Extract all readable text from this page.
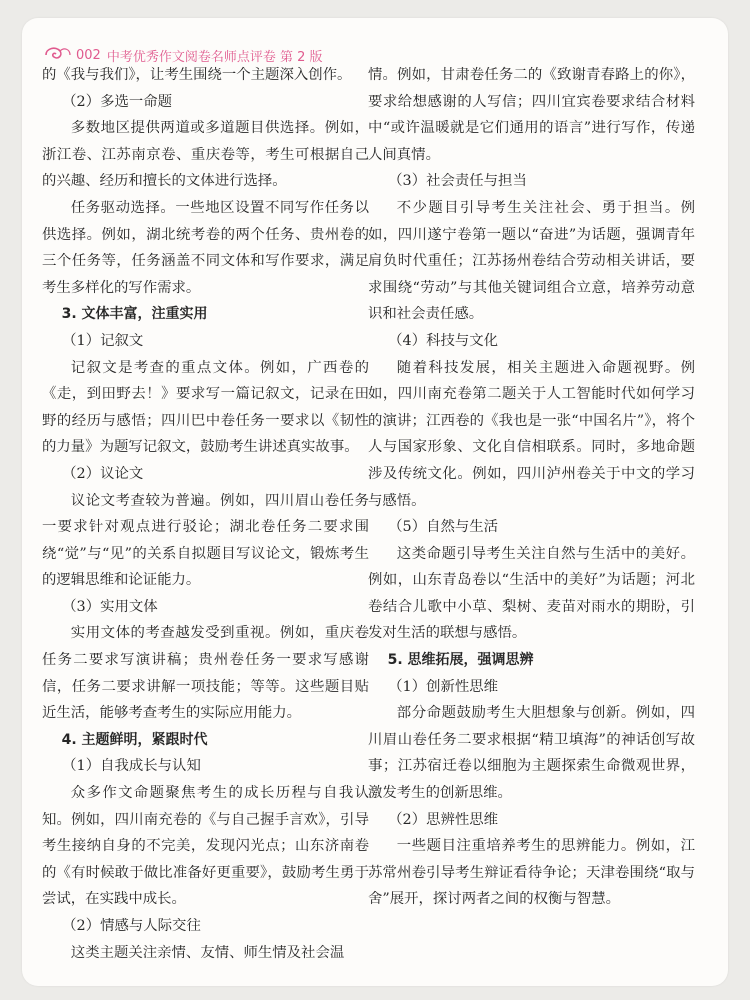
002 中考优秀作文阅卷名师点评卷 第 2 版

的《我与我们》，让考生围绕一个主题深入创作。

（2）多选一命题

多数地区提供两道或多道题目供选择。例如，浙江卷、江苏南京卷、重庆卷等，考生可根据自己的兴趣、经历和擅长的文体进行选择。

任务驱动选择。一些地区设置不同写作任务以供选择。例如，湖北统考卷的两个任务、贵州卷的三个任务等，任务涵盖不同文体和写作要求，满足考生多样化的写作需求。

3. 文体丰富，注重实用

（1）记叙文

记叙文是考查的重点文体。例如，广西卷的《走，到田野去！》要求写一篇记叙文，记录在田野的经历与感悟；四川巴中卷任务一要求以《韧性的力量》为题写记叙文，鼓励考生讲述真实故事。

（2）议论文

议论文考查较为普遍。例如，四川眉山卷任务一要求针对观点进行驳论；湖北卷任务二要求围绕“觉”与“见”的关系自拟题目写议论文，锻炼考生的逻辑思维和论证能力。

（3）实用文体

实用文体的考查越发受到重视。例如，重庆卷任务二要求写演讲稿；贵州卷任务一要求写感谢信，任务二要求讲解一项技能；等等。这些题目贴近生活，能够考查考生的实际应用能力。

4. 主题鲜明，紧跟时代

（1）自我成长与认知

众多作文命题聚焦考生的成长历程与自我认知。例如，四川南充卷的《与自己握手言欢》，引导考生接纳自身的不完美，发现闪光点；山东济南卷的《有时候敢于做比准备好更重要》，鼓励考生勇于尝试，在实践中成长。

（2）情感与人际交往

这类主题关注亲情、友情、师生情及社会温

情。例如，甘肃卷任务二的《致谢青春路上的你》，要求给想感谢的人写信；四川宜宾卷要求结合材料中“或许温暖就是它们通用的语言”进行写作，传递人间真情。

（3）社会责任与担当

不少题目引导考生关注社会、勇于担当。例如，四川遂宁卷第一题以“奋进”为话题，强调青年肩负时代重任；江苏扬州卷结合劳动相关讲话，要求围绕“劳动”与其他关键词组合立意，培养劳动意识和社会责任感。

（4）科技与文化

随着科技发展，相关主题进入命题视野。例如，四川南充卷第二题关于人工智能时代如何学习的演讲；江西卷的《我也是一张“中国名片”》，将个人与国家形象、文化自信相联系。同时，多地命题涉及传统文化。例如，四川泸州卷关于中文的学习与感悟。

（5）自然与生活

这类命题引导考生关注自然与生活中的美好。例如，山东青岛卷以“生活中的美好”为话题；河北卷结合儿歌中小草、梨树、麦苗对雨水的期盼，引发对生活的联想与感悟。

5. 思维拓展，强调思辨

（1）创新性思维

部分命题鼓励考生大胆想象与创新。例如，四川眉山卷任务二要求根据“精卫填海”的神话创写故事；江苏宿迁卷以细胞为主题探索生命微观世界，激发考生的创新思维。

（2）思辨性思维

一些题目注重培养考生的思辨能力。例如，江苏常州卷引导考生辩证看待争论；天津卷围绕“取与舍”展开，探讨两者之间的权衡与智慧。
